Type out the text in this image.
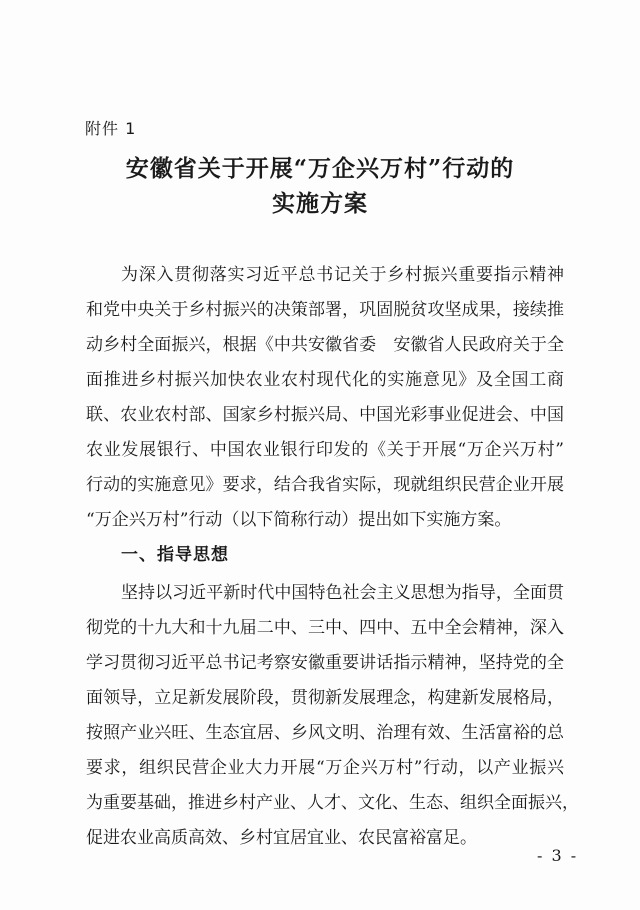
附件 1
安徽省关于开展“万企兴万村”行动的
实施方案
为深入贯彻落实习近平总书记关于乡村振兴重要指示精神
和党中央关于乡村振兴的决策部署，巩固脱贫攻坚成果，接续推
动乡村全面振兴，根据《中共安徽省委　安徽省人民政府关于全
面推进乡村振兴加快农业农村现代化的实施意见》及全国工商
联、农业农村部、国家乡村振兴局、中国光彩事业促进会、中国
农业发展银行、中国农业银行印发的《关于开展“万企兴万村”
行动的实施意见》要求，结合我省实际，现就组织民营企业开展
“万企兴万村”行动（以下简称行动）提出如下实施方案。
一、指导思想
坚持以习近平新时代中国特色社会主义思想为指导，全面贯
彻党的十九大和十九届二中、三中、四中、五中全会精神，深入
学习贯彻习近平总书记考察安徽重要讲话指示精神，坚持党的全
面领导，立足新发展阶段，贯彻新发展理念，构建新发展格局，
按照产业兴旺、生态宜居、乡风文明、治理有效、生活富裕的总
要求，组织民营企业大力开展“万企兴万村”行动，以产业振兴
为重要基础，推进乡村产业、人才、文化、生态、组织全面振兴，
促进农业高质高效、乡村宜居宜业、农民富裕富足。
- 3 -
